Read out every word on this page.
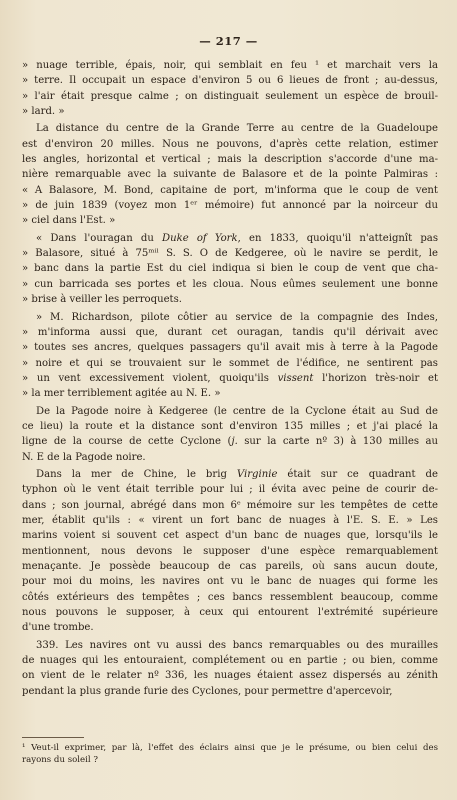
— 217 —
» nuage terrible, épais, noir, qui semblait en feu ¹ et marchait vers la
» terre. Il occupait un espace d'environ 5 ou 6 lieues de front ; au-dessus,
» l'air était presque calme ; on distinguait seulement un espèce de brouil-
» lard. »
La distance du centre de la Grande Terre au centre de la Guadeloupe
est d'environ 20 milles. Nous ne pouvons, d'après cette relation, estimer
les angles, horizontal et vertical ; mais la description s'accorde d'une ma-
nière remarquable avec la suivante de Balasore et de la pointe Palmiras :
« A Balasore, M. Bond, capitaine de port, m'informa que le coup de vent
» de juin 1839 (voyez mon 1ᵉʳ mémoire) fut annoncé par la noirceur du
» ciel dans l'Est. »
« Dans l'ouragan du Duke of York, en 1833, quoiqu'il n'atteignît pas
» Balasore, situé à 75ᵐⁱˡ S. S. O de Kedgeree, où le navire se perdit, le
» banc dans la partie Est du ciel indiqua si bien le coup de vent que cha-
» cun barricada ses portes et les cloua. Nous eûmes seulement une bonne
» brise à veiller les perroquets.
» M. Richardson, pilote côtier au service de la compagnie des Indes,
» m'informa aussi que, durant cet ouragan, tandis qu'il dérivait avec
» toutes ses ancres, quelques passagers qu'il avait mis à terre à la Pagode
» noire et qui se trouvaient sur le sommet de l'édifice, ne sentirent pas
» un vent excessivement violent, quoiqu'ils vissent l'horizon très-noir et
» la mer terriblement agitée au N. E. »
De la Pagode noire à Kedgeree (le centre de la Cyclone était au Sud de
ce lieu) la route et la distance sont d'environ 135 milles ; et j'ai placé la
ligne de la course de cette Cyclone (j. sur la carte nº 3) à 130 milles au
N. E de la Pagode noire.
Dans la mer de Chine, le brig Virginie était sur ce quadrant de
typhon où le vent était terrible pour lui ; il évita avec peine de courir de-
dans ; son journal, abrégé dans mon 6ᵉ mémoire sur les tempêtes de cette
mer, établit qu'ils : « virent un fort banc de nuages à l'E. S. E. » Les
marins voient si souvent cet aspect d'un banc de nuages que, lorsqu'ils le
mentionnent, nous devons le supposer d'une espèce remarquablement
menaçante. Je possède beaucoup de cas pareils, où sans aucun doute,
pour moi du moins, les navires ont vu le banc de nuages qui forme les
côtés extérieurs des tempêtes ; ces bancs ressemblent beaucoup, comme
nous pouvons le supposer, à ceux qui entourent l'extrémité supérieure
d'une trombe.
339. Les navires ont vu aussi des bancs remarquables ou des murailles
de nuages qui les entouraient, complétement ou en partie ; ou bien, comme
on vient de le relater nº 336, les nuages étaient assez dispersés au zénith
pendant la plus grande furie des Cyclones, pour permettre d'apercevoir,
¹ Veut-il exprimer, par là, l'effet des éclairs ainsi que je le présume, ou bien celui des
rayons du soleil ?
